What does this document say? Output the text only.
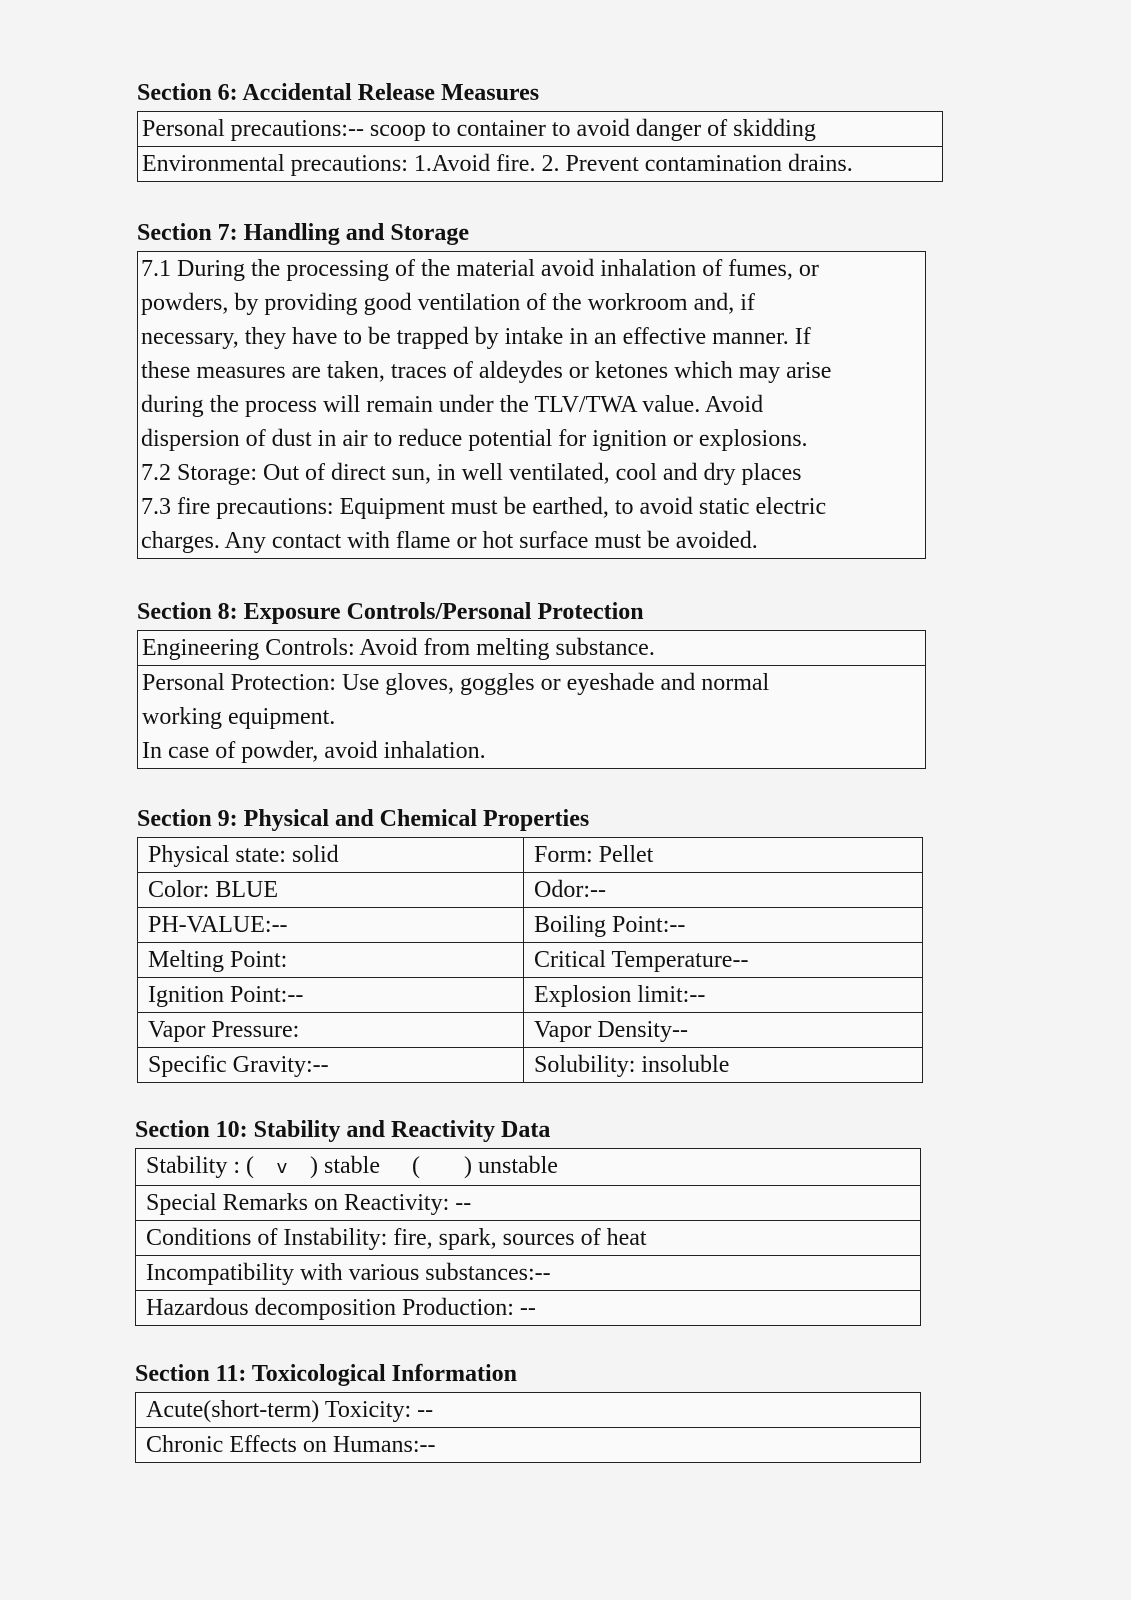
Section 6: Accidental Release Measures
Personal precautions:-- scoop to container to avoid danger of skidding
Environmental precautions: 1.Avoid fire. 2. Prevent contamination drains.
Section 7: Handling and Storage
7.1 During the processing of the material avoid inhalation of fumes, or
powders, by providing good ventilation of the workroom and, if
necessary, they have to be trapped by intake in an effective manner. If
these measures are taken, traces of aldeydes or ketones which may arise
during the process will remain under the TLV/TWA value. Avoid
dispersion of dust in air to reduce potential for ignition or explosions.
7.2 Storage: Out of direct sun, in well ventilated, cool and dry places
7.3 fire precautions: Equipment must be earthed, to avoid static electric
charges. Any contact with flame or hot surface must be avoided.
Section 8: Exposure Controls/Personal Protection
Engineering Controls: Avoid from melting substance.
Personal Protection: Use gloves, goggles or eyeshade and normal
working equipment.
In case of powder, avoid inhalation.
Section 9: Physical and Chemical Properties
Physical state: solid	Form: Pellet
Color: BLUE	Odor:--
PH-VALUE:--	Boiling Point:--
Melting Point:	Critical Temperature--
Ignition Point:--	Explosion limit:--
Vapor Pressure:	Vapor Density--
Specific Gravity:--	Solubility: insoluble
Section 10: Stability and Reactivity Data
Stability : ( v ) stable ( ) unstable
Special Remarks on Reactivity: --
Conditions of Instability: fire, spark, sources of heat
Incompatibility with various substances:--
Hazardous decomposition Production: --
Section 11: Toxicological Information
Acute(short-term) Toxicity: --
Chronic Effects on Humans:--
